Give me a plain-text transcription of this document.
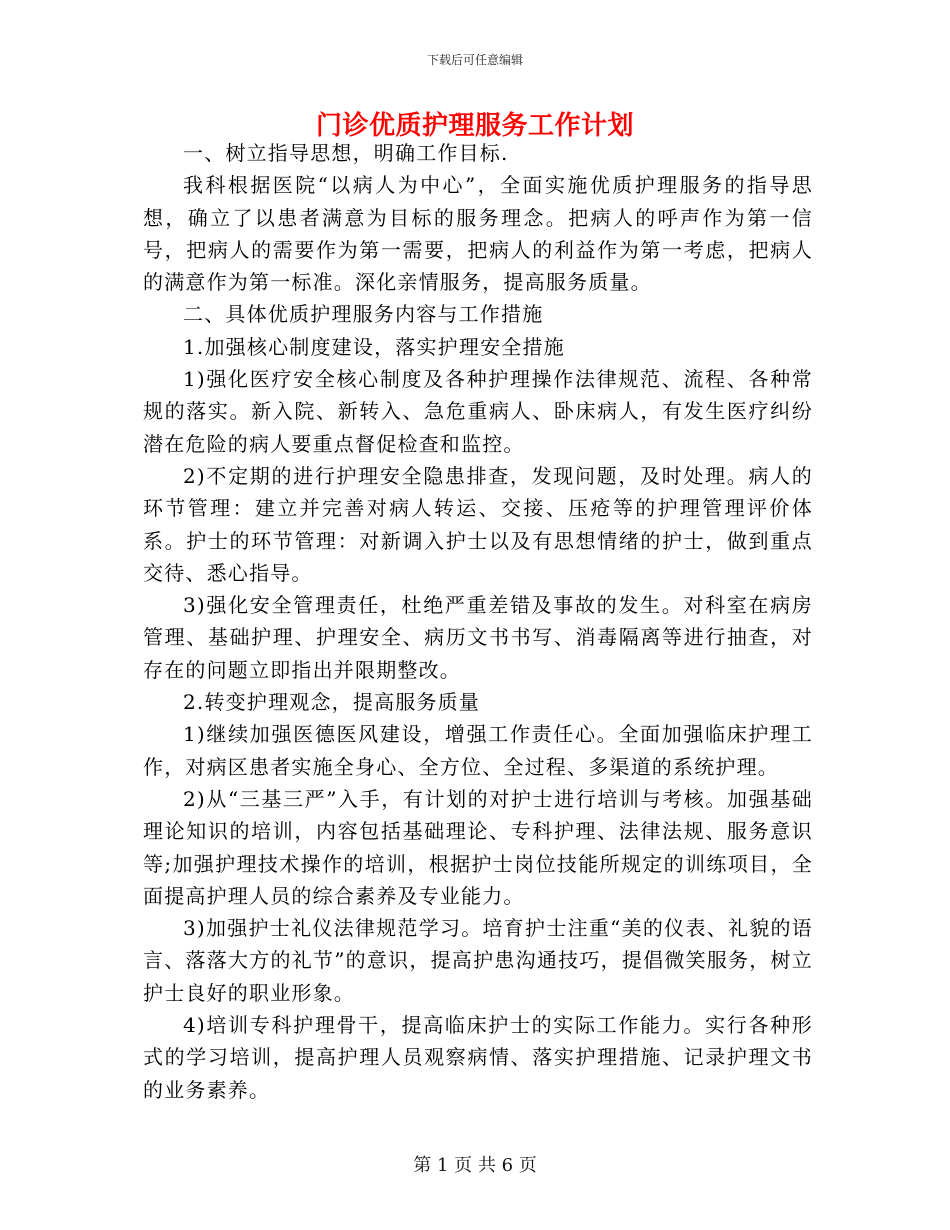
下载后可任意编辑
门诊优质护理服务工作计划

一、树立指导思想，明确工作目标.

我科根据医院“以病人为中心”，全面实施优质护理服务的指导思想，确立了以患者满意为目标的服务理念。把病人的呼声作为第一信号，把病人的需要作为第一需要，把病人的利益作为第一考虑，把病人的满意作为第一标准。深化亲情服务，提高服务质量。

二、具体优质护理服务内容与工作措施

1.加强核心制度建设，落实护理安全措施

1)强化医疗安全核心制度及各种护理操作法律规范、流程、各种常规的落实。新入院、新转入、急危重病人、卧床病人，有发生医疗纠纷潜在危险的病人要重点督促检查和监控。

2)不定期的进行护理安全隐患排查，发现问题，及时处理。病人的环节管理：建立并完善对病人转运、交接、压疮等的护理管理评价体系。护士的环节管理：对新调入护士以及有思想情绪的护士，做到重点交待、悉心指导。

3)强化安全管理责任，杜绝严重差错及事故的发生。对科室在病房管理、基础护理、护理安全、病历文书书写、消毒隔离等进行抽查，对存在的问题立即指出并限期整改。

2.转变护理观念，提高服务质量

1)继续加强医德医风建设，增强工作责任心。全面加强临床护理工作，对病区患者实施全身心、全方位、全过程、多渠道的系统护理。

2)从“三基三严”入手，有计划的对护士进行培训与考核。加强基础理论知识的培训，内容包括基础理论、专科护理、法律法规、服务意识等;加强护理技术操作的培训，根据护士岗位技能所规定的训练项目，全面提高护理人员的综合素养及专业能力。

3)加强护士礼仪法律规范学习。培育护士注重“美的仪表、礼貌的语言、落落大方的礼节”的意识，提高护患沟通技巧，提倡微笑服务，树立护士良好的职业形象。

4)培训专科护理骨干，提高临床护士的实际工作能力。实行各种形式的学习培训，提高护理人员观察病情、落实护理措施、记录护理文书的业务素养。

第 1 页 共 6 页
